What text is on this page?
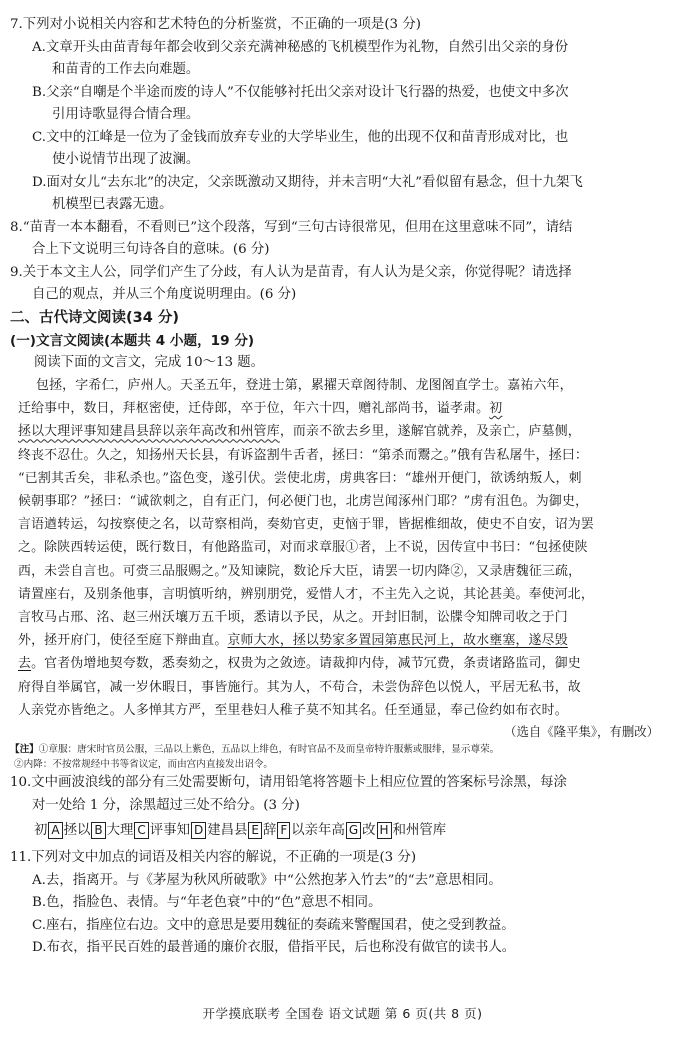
7.下列对小说相关内容和艺术特色的分析鉴赏，不正确的一项是(3 分)
A.文章开头由苗青每年都会收到父亲充满神秘感的飞机模型作为礼物，自然引出父亲的身份
和苗青的工作去向难题。
B.父亲“自嘲是个半途而废的诗人”不仅能够衬托出父亲对设计飞行器的热爱，也使文中多次
引用诗歌显得合情合理。
C.文中的江峰是一位为了金钱而放弃专业的大学毕业生，他的出现不仅和苗青形成对比，也
使小说情节出现了波澜。
D.面对女儿“去东北”的决定，父亲既激动又期待，并未言明“大礼”看似留有悬念，但十九架飞
机模型已表露无遗。
8.“苗青一本本翻看，不看则已”这个段落，写到“三句古诗很常见，但用在这里意味不同”，请结
合上下文说明三句诗各自的意味。(6 分)
9.关于本文主人公，同学们产生了分歧，有人认为是苗青，有人认为是父亲，你觉得呢？请选择
自己的观点，并从三个角度说明理由。(6 分)
二、古代诗文阅读(34 分)
(一)文言文阅读(本题共 4 小题，19 分)
阅读下面的文言文，完成 10～13 题。
包拯，字希仁，庐州人。天圣五年，登进士第，累擢天章阁待制、龙图阁直学士。嘉祐六年，
迁给事中，数日，拜枢密使，迁侍郎，卒于位，年六十四，赠礼部尚书，谥孝肃。初
拯以大理评事知建昌县辞以亲年高改和州管库，而亲不欲去乡里，遂解官就养，及亲亡，庐墓侧，
终丧不忍仕。久之，知扬州天长县，有诉盗割牛舌者，拯曰：“第杀而鬻之。”俄有告私屠牛，拯曰：
“已割其舌矣，非私杀也。”盗色变，遂引伏。尝使北虏，虏典客曰：“雄州开便门，欲诱纳叛人，刺
候朝事耶？”拯曰：“诚欲刺之，自有正门，何必便门也，北虏岂闻涿州门耶？”虏有沮色。为御史，
言语遒转运，勾按察使之名，以苛察相尚，奏劾官吏，吏恼于罪，皆据椎细故，使史不自安，诏为罢
之。除陕西转运使，既行数日，有他路监司，对而求章服①者，上不说，因传宣中书曰：“包拯使陕
西，未尝自言也。可赍三品服赐之。”及知谏院，数论斥大臣，请罢一切内降②，又录唐魏征三疏，
请置座右，及别条他事，言明慎听纳，辨别朋党，爱惜人才，不主先入之说，其论甚美。奉使河北，
言牧马占邢、洺、赵三州沃壤万五千顷，悉请以予民，从之。开封旧制，讼牒令知牌司收之于门
外，拯开府门，使径至庭下辩曲直。京师大水，拯以势家多置园第惠民河上，故水壅塞，遂尽毁
去。官者伪增地契夸数，悉奏劾之，权贵为之敛迹。请裁抑内侍，减节冗费，条责诸路监司，御史
府得自举属官，减一岁休暇日，事皆施行。其为人，不苟合，未尝伪辞色以悦人，平居无私书，故
人亲党亦皆绝之。人多惮其方严，至里巷妇人稚子莫不知其名。任至通显，奉己俭约如布衣时。
（选自《隆平集》，有删改）
【注】①章服：唐宋时官员公服，三品以上紫色，五品以上绯色，有时官品不及而皇帝特许服紫或服绯，显示尊荣。
②内降：不按常规经中书等省议定，而由宫内直接发出诏令。
10.文中画波浪线的部分有三处需要断句，请用铅笔将答题卡上相应位置的答案标号涂黑，每涂
对一处给 1 分，涂黑超过三处不给分。(3 分)
初 A 拯以 B 大理 C 评事知 D 建昌县 E 辞 F 以亲年高 G 改 H 和州管库
11.下列对文中加点的词语及相关内容的解说，不正确的一项是(3 分)
A.去，指离开。与《茅屋为秋风所破歌》中“公然抱茅入竹去”的“去”意思相同。
B.色，指脸色、表情。与“年老色衰”中的“色”意思不相同。
C.座右，指座位右边。文中的意思是要用魏征的奏疏来警醒国君，使之受到教益。
D.布衣，指平民百姓的最普通的廉价衣服，借指平民，后也称没有做官的读书人。
开学摸底联考 全国卷 语文试题 第 6 页(共 8 页)
